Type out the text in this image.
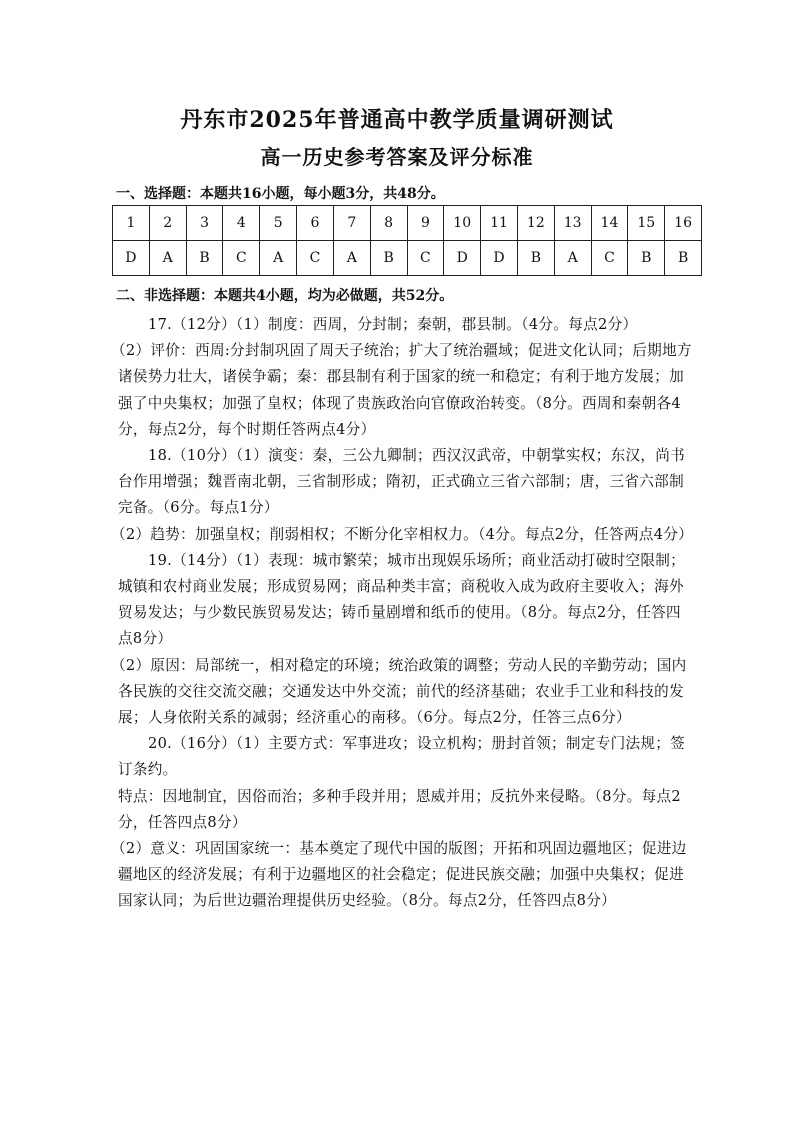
丹东市2025年普通高中教学质量调研测试
高一历史参考答案及评分标准
一、选择题：本题共16小题，每小题3分，共48分。
1	2	3	4	5	6	7	8	9	10	11	12	13	14	15	16
D	A	B	C	A	C	A	B	C	D	D	B	A	C	B	B
二、非选择题：本题共4小题，均为必做题，共52分。

17.（12分）（1）制度：西周，分封制；秦朝，郡县制。（4分。每点2分）

（2）评价：西周:分封制巩固了周天子统治；扩大了统治疆域；促进文化认同；后期地方诸侯势力壮大，诸侯争霸；秦：郡县制有利于国家的统一和稳定；有利于地方发展；加强了中央集权；加强了皇权；体现了贵族政治向官僚政治转变。（8分。西周和秦朝各4分，每点2分，每个时期任答两点4分）

18.（10分）（1）演变：秦，三公九卿制；西汉汉武帝，中朝掌实权；东汉，尚书台作用增强；魏晋南北朝，三省制形成；隋初，正式确立三省六部制；唐，三省六部制完备。（6分。每点1分）

（2）趋势：加强皇权；削弱相权；不断分化宰相权力。（4分。每点2分，任答两点4分）

19.（14分）（1）表现：城市繁荣；城市出现娱乐场所；商业活动打破时空限制；城镇和农村商业发展；形成贸易网；商品种类丰富；商税收入成为政府主要收入；海外贸易发达；与少数民族贸易发达；铸币量剧增和纸币的使用。（8分。每点2分，任答四点8分）

（2）原因：局部统一，相对稳定的环境；统治政策的调整；劳动人民的辛勤劳动；国内各民族的交往交流交融；交通发达中外交流；前代的经济基础；农业手工业和科技的发展；人身依附关系的减弱；经济重心的南移。（6分。每点2分，任答三点6分）

20.（16分）（1）主要方式：军事进攻；设立机构；册封首领；制定专门法规；签订条约。

特点：因地制宜，因俗而治；多种手段并用；恩威并用；反抗外来侵略。（8分。每点2分，任答四点8分）

（2）意义：巩固国家统一：基本奠定了现代中国的版图；开拓和巩固边疆地区；促进边疆地区的经济发展；有利于边疆地区的社会稳定；促进民族交融；加强中央集权；促进国家认同；为后世边疆治理提供历史经验。（8分。每点2分，任答四点8分）
